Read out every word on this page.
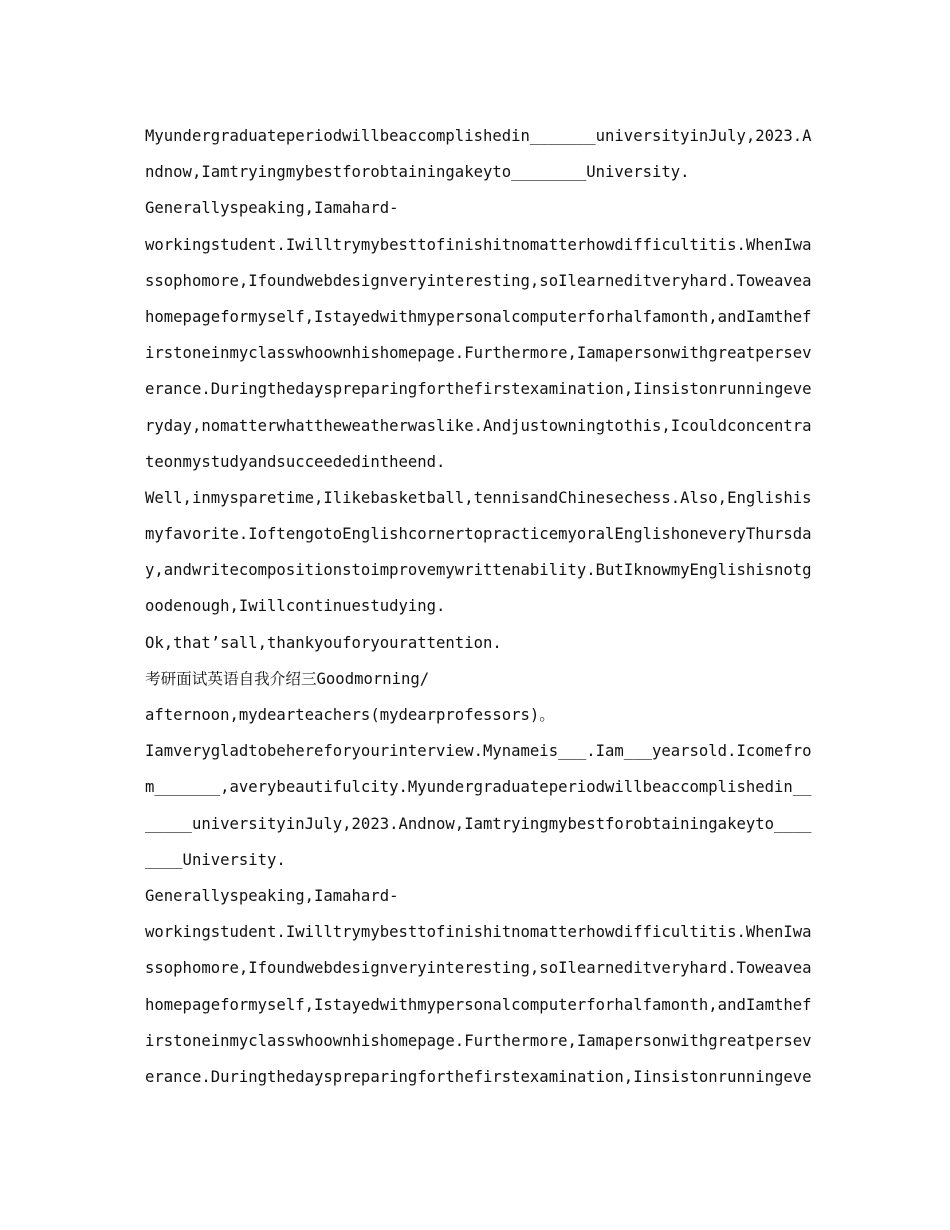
Myundergraduateperiodwillbeaccomplishedin_______universityinJuly,2023.A
ndnow,Iamtryingmybestforobtainingakeyto________University.
Generallyspeaking,Iamahard-
workingstudent.Iwilltrymybesttofinishitnomatterhowdifficultitis.WhenIwa
ssophomore,Ifoundwebdesignveryinteresting,soIlearneditveryhard.Toweavea
homepageformyself,Istayedwithmypersonalcomputerforhalfamonth,andIamthef
irstoneinmyclasswhoownhishomepage.Furthermore,Iamapersonwithgreatpersev
erance.Duringthedayspreparingforthefirstexamination,Iinsistonrunningeve
ryday,nomatterwhattheweatherwaslike.Andjustowningtothis,Icouldconcentra
teonmystudyandsucceededintheend.
Well,inmysparetime,Ilikebasketball,tennisandChinesechess.Also,Englishis
myfavorite.IoftengotoEnglishcornertopracticemyoralEnglishoneveryThursda
y,andwritecompositionstoimprovemywrittenability.ButIknowmyEnglishisnotg
oodenough,Iwillcontinuestudying.
Ok,that’sall,thankyouforyourattention.
考研面试英语自我介绍三Goodmorning/
afternoon,mydearteachers(mydearprofessors)。
Iamverygladtobehereforyourinterview.Mynameis___.Iam___yearsold.Icomefro
m_______,averybeautifulcity.Myundergraduateperiodwillbeaccomplishedin__
_____universityinJuly,2023.Andnow,Iamtryingmybestforobtainingakeyto____
____University.
Generallyspeaking,Iamahard-
workingstudent.Iwilltrymybesttofinishitnomatterhowdifficultitis.WhenIwa
ssophomore,Ifoundwebdesignveryinteresting,soIlearneditveryhard.Toweavea
homepageformyself,Istayedwithmypersonalcomputerforhalfamonth,andIamthef
irstoneinmyclasswhoownhishomepage.Furthermore,Iamapersonwithgreatpersev
erance.Duringthedayspreparingforthefirstexamination,Iinsistonrunningeve
